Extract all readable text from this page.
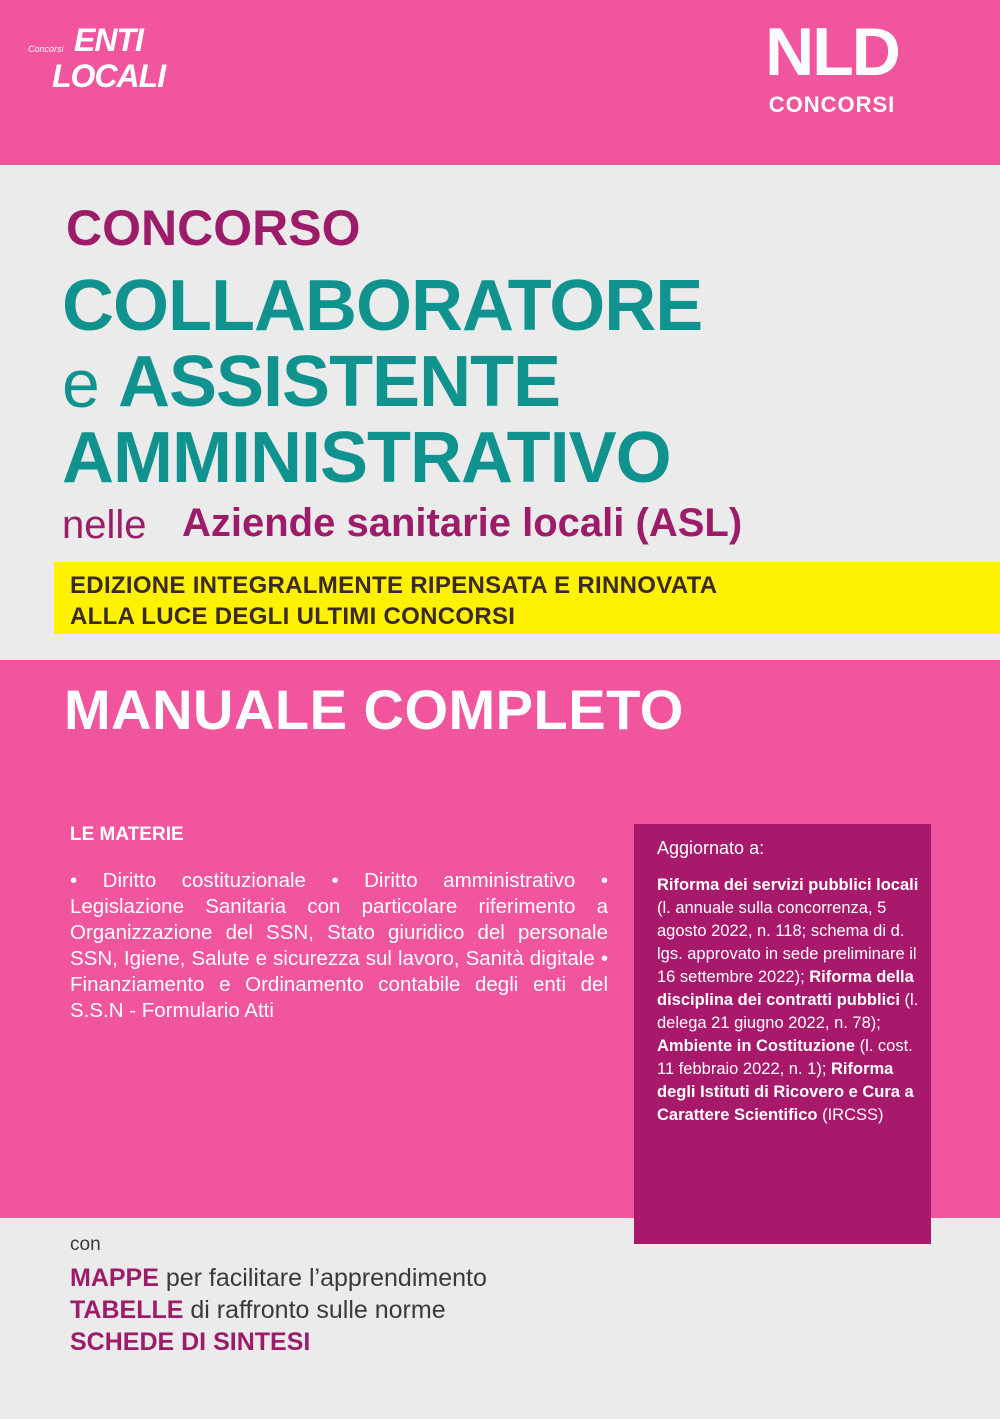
Concorsi ENTI
LOCALI	NLD
CONCORSI
CONCORSO
COLLABORATORE
e ASSISTENTE
AMMINISTRATIVO
nelle Aziende sanitarie locali (ASL)
EDIZIONE INTEGRALMENTE RIPENSATA E RINNOVATA
ALLA LUCE DEGLI ULTIMI CONCORSI
MANUALE COMPLETO
LE MATERIE
• Diritto costituzionale • Diritto amministrativo • Legislazione Sanitaria con particolare riferimento a Organizzazione del SSN, Stato giuridico del personale SSN, Igiene, Salute e sicurezza sul lavoro, Sanità digitale • Finanziamento e Ordinamento contabile degli enti del S.S.N - Formulario Atti
Aggiornato a:
Riforma dei servizi pubblici locali (l. annuale sulla concorrenza, 5 agosto 2022, n. 118; schema di d. lgs. approvato in sede preliminare il 16 settembre 2022); Riforma della disciplina dei contratti pubblici (l. delega 21 giugno 2022, n. 78); Ambiente in Costituzione (l. cost. 11 febbraio 2022, n. 1); Riforma degli Istituti di Ricovero e Cura a Carattere Scientifico (IRCSS)
con
MAPPE per facilitare l’apprendimento
TABELLE di raffronto sulle norme
SCHEDE DI SINTESI
